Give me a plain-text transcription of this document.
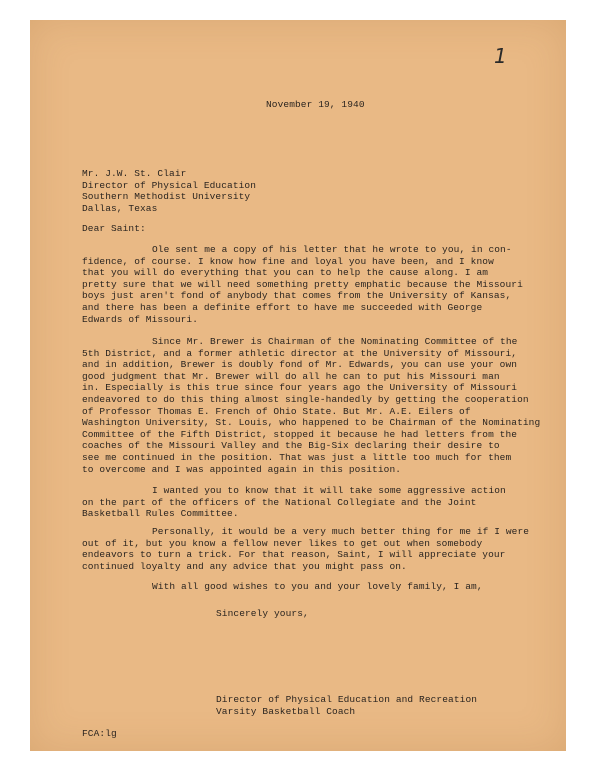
1
November 19, 1940
Mr. J.W. St. Clair
Director of Physical Education
Southern Methodist University
Dallas, Texas
Dear Saint:
Ole sent me a copy of his letter that he wrote to you, in con-
fidence, of course. I know how fine and loyal you have been, and I know
that you will do everything that you can to help the cause along. I am
pretty sure that we will need something pretty emphatic because the Missouri
boys just aren't fond of anybody that comes from the University of Kansas,
and there has been a definite effort to have me succeeded with George
Edwards of Missouri.
Since Mr. Brewer is Chairman of the Nominating Committee of the
5th District, and a former athletic director at the University of Missouri,
and in addition, Brewer is doubly fond of Mr. Edwards, you can use your own
good judgment that Mr. Brewer will do all he can to put his Missouri man
in. Especially is this true since four years ago the University of Missouri
endeavored to do this thing almost single-handedly by getting the cooperation
of Professor Thomas E. French of Ohio State. But Mr. A.E. Eilers of
Washington University, St. Louis, who happened to be Chairman of the Nominating
Committee of the Fifth District, stopped it because he had letters from the
coaches of the Missouri Valley and the Big-Six declaring their desire to
see me continued in the position. That was just a little too much for them
to overcome and I was appointed again in this position.
I wanted you to know that it will take some aggressive action
on the part of the officers of the National Collegiate and the Joint
Basketball Rules Committee.
Personally, it would be a very much better thing for me if I were
out of it, but you know a fellow never likes to get out when somebody
endeavors to turn a trick. For that reason, Saint, I will appreciate your
continued loyalty and any advice that you might pass on.
With all good wishes to you and your lovely family, I am,
Sincerely yours,
Director of Physical Education and Recreation
Varsity Basketball Coach
FCA:lg
